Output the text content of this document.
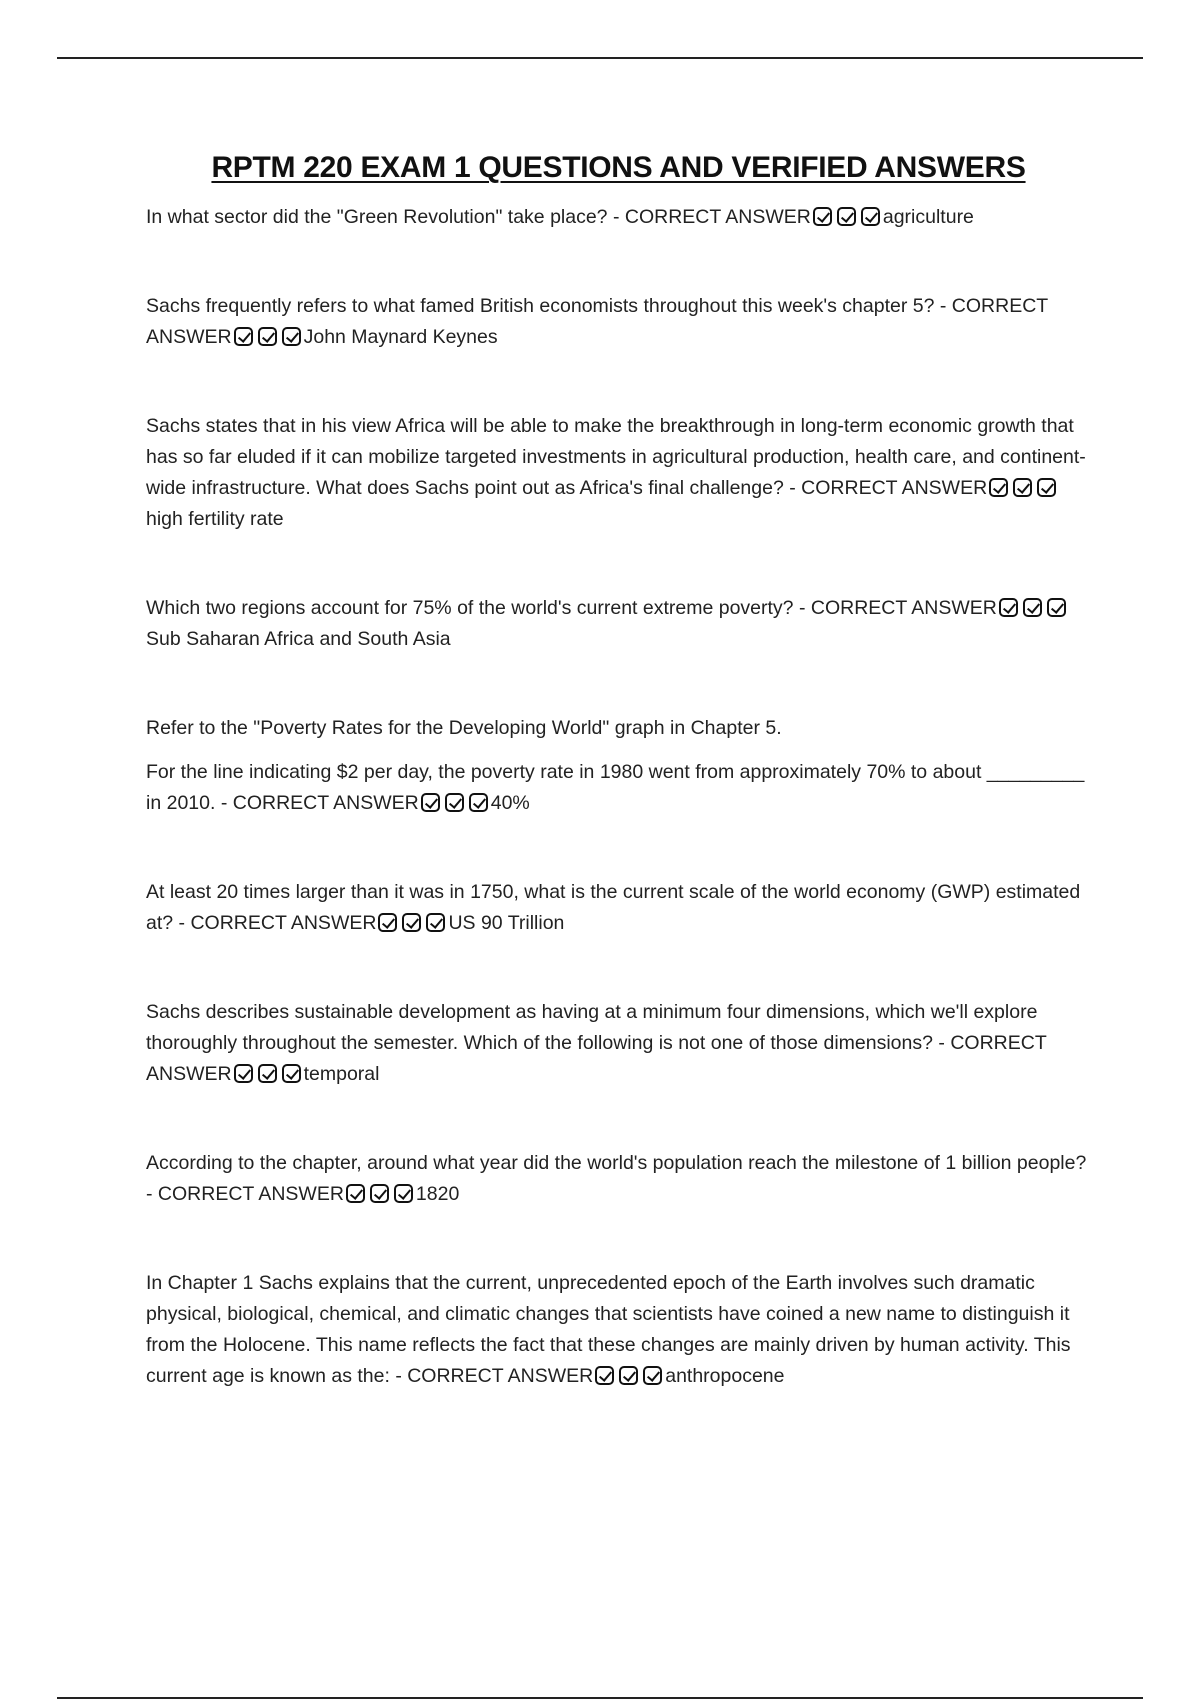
RPTM 220 EXAM 1 QUESTIONS AND VERIFIED ANSWERS

In what sector did the "Green Revolution" take place? - CORRECT ANSWER	agriculture

Sachs frequently refers to what famed British economists throughout this week's chapter 5? - CORRECT ANSWER	John Maynard Keynes

Sachs states that in his view Africa will be able to make the breakthrough in long-term economic growth that has so far eluded if it can mobilize targeted investments in agricultural production, health care, and continent-wide infrastructure. What does Sachs point out as Africa's final challenge? - CORRECT ANSWERhigh fertility rate

Which two regions account for 75% of the world's current extreme poverty? - CORRECT ANSWERSub Saharan Africa and South Asia

Refer to the "Poverty Rates for the Developing World" graph in Chapter 5.

For the line indicating $2 per day, the poverty rate in 1980 went from approximately 70% to about _________ in 2010. - CORRECT ANSWER	40%

At least 20 times larger than it was in 1750, what is the current scale of the world economy (GWP) estimated at? - CORRECT ANSWER	US 90 Trillion

Sachs describes sustainable development as having at a minimum four dimensions, which we'll explore thoroughly throughout the semester. Which of the following is not one of those dimensions? - CORRECT ANSWER	temporal

According to the chapter, around what year did the world's population reach the milestone of 1 billion people? - CORRECT ANSWER	1820

In Chapter 1 Sachs explains that the current, unprecedented epoch of the Earth involves such dramatic physical, biological, chemical, and climatic changes that scientists have coined a new name to distinguish it from the Holocene. This name reflects the fact that these changes are mainly driven by human activity. This current age is known as the: - CORRECT ANSWER	anthropocene
